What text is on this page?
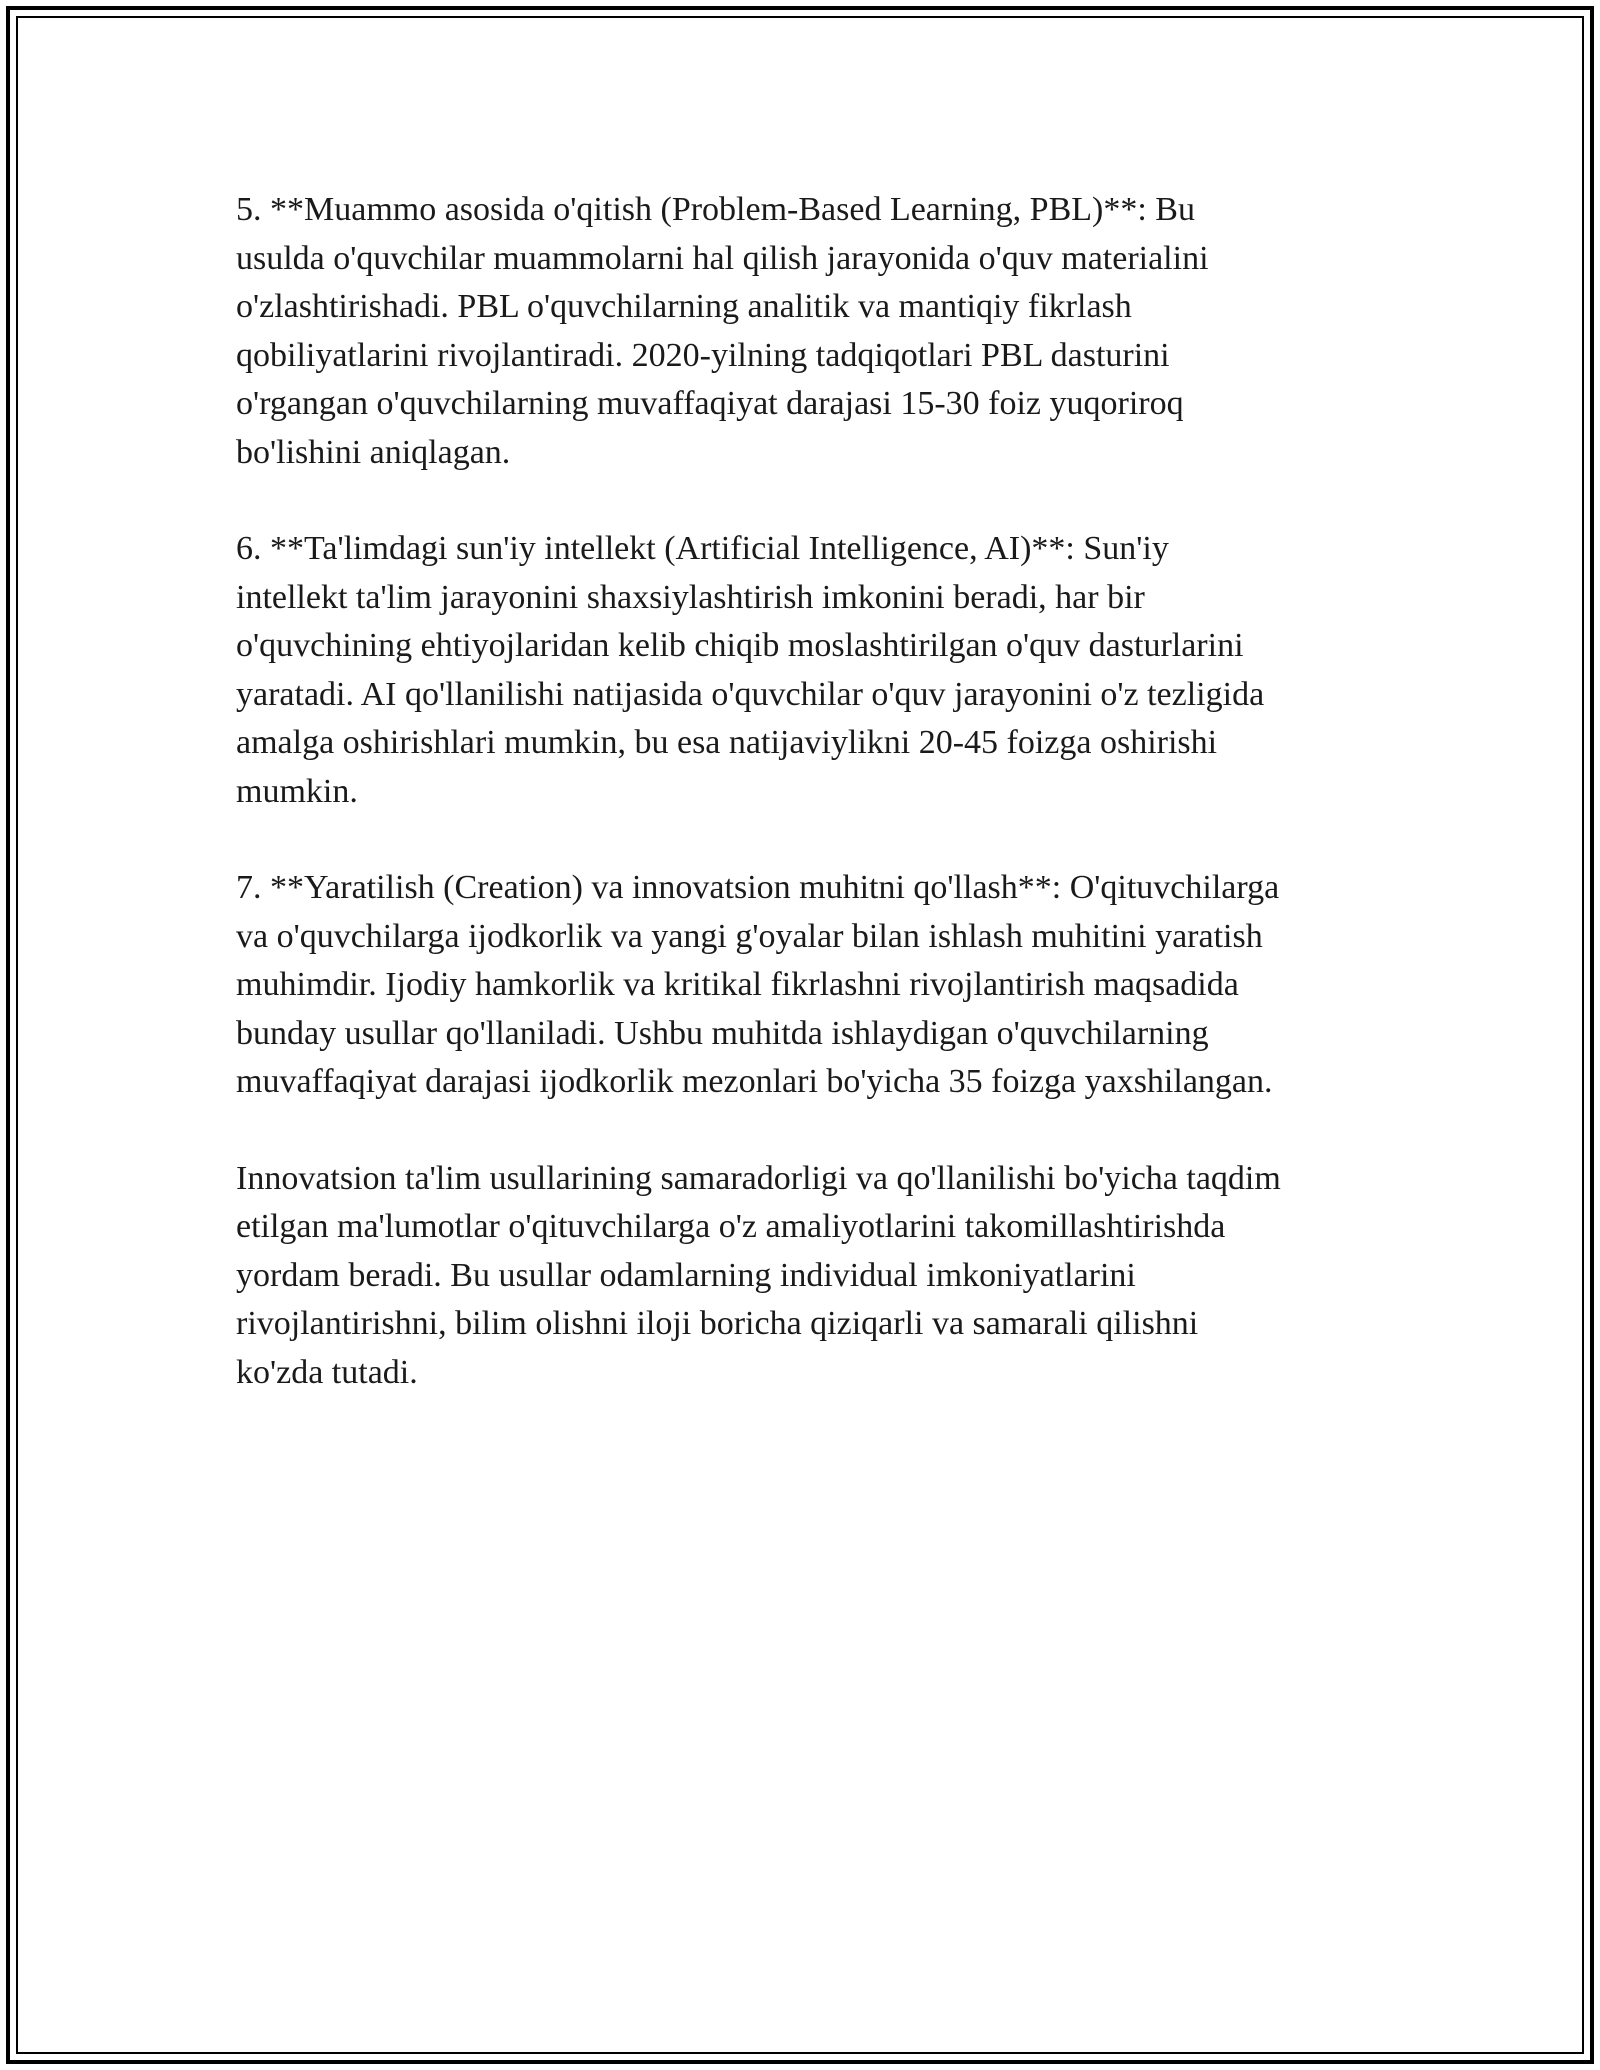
5. **Muammo asosida o'qitish (Problem-Based Learning, PBL)**: Bu
usulda o'quvchilar muammolarni hal qilish jarayonida o'quv materialini
o'zlashtirishadi. PBL o'quvchilarning analitik va mantiqiy fikrlash
qobiliyatlarini rivojlantiradi. 2020-yilning tadqiqotlari PBL dasturini
o'rgangan o'quvchilarning muvaffaqiyat darajasi 15-30 foiz yuqoriroq
bo'lishini aniqlagan.

6. **Ta'limdagi sun'iy intellekt (Artificial Intelligence, AI)**: Sun'iy
intellekt ta'lim jarayonini shaxsiylashtirish imkonini beradi, har bir
o'quvchining ehtiyojlaridan kelib chiqib moslashtirilgan o'quv dasturlarini
yaratadi. AI qo'llanilishi natijasida o'quvchilar o'quv jarayonini o'z tezligida
amalga oshirishlari mumkin, bu esa natijaviylikni 20-45 foizga oshirishi
mumkin.

7. **Yaratilish (Creation) va innovatsion muhitni qo'llash**: O'qituvchilarga
va o'quvchilarga ijodkorlik va yangi g'oyalar bilan ishlash muhitini yaratish
muhimdir. Ijodiy hamkorlik va kritikal fikrlashni rivojlantirish maqsadida
bunday usullar qo'llaniladi. Ushbu muhitda ishlaydigan o'quvchilarning
muvaffaqiyat darajasi ijodkorlik mezonlari bo'yicha 35 foizga yaxshilangan.

Innovatsion ta'lim usullarining samaradorligi va qo'llanilishi bo'yicha taqdim
etilgan ma'lumotlar o'qituvchilarga o'z amaliyotlarini takomillashtirishda
yordam beradi. Bu usullar odamlarning individual imkoniyatlarini
rivojlantirishni, bilim olishni iloji boricha qiziqarli va samarali qilishni
ko'zda tutadi.
